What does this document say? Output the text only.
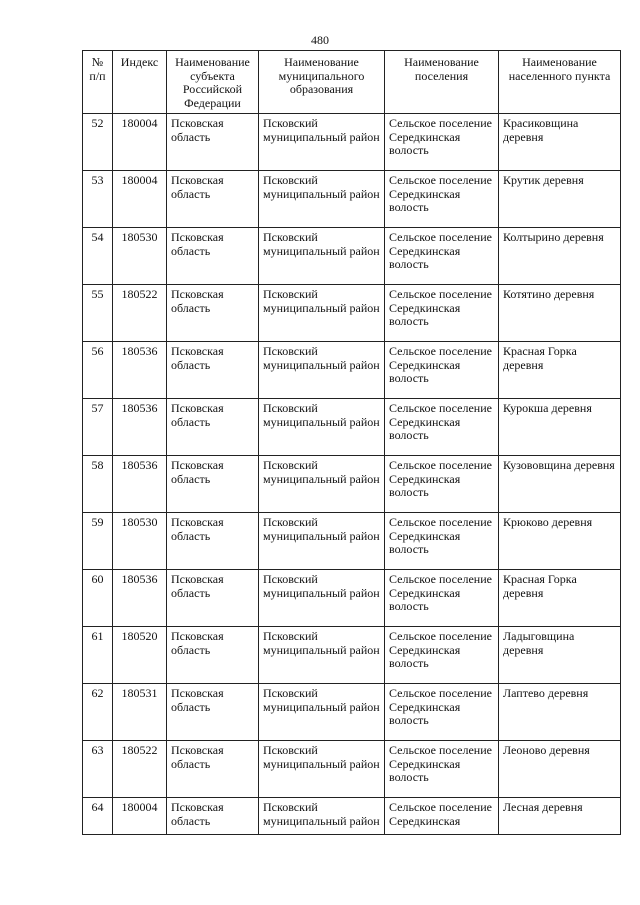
480
№ п/п	Индекс	Наименование субъекта Российской Федерации	Наименование муниципального образования	Наименование поселения	Наименование населенного пункта
52	180004	Псковская область	Псковский муниципальный район	Сельское поселение Середкинская волость	Красиковщина деревня
53	180004	Псковская область	Псковский муниципальный район	Сельское поселение Середкинская волость	Крутик деревня
54	180530	Псковская область	Псковский муниципальный район	Сельское поселение Середкинская волость	Колтырино деревня
55	180522	Псковская область	Псковский муниципальный район	Сельское поселение Середкинская волость	Котятино деревня
56	180536	Псковская область	Псковский муниципальный район	Сельское поселение Середкинская волость	Красная Горка деревня
57	180536	Псковская область	Псковский муниципальный район	Сельское поселение Середкинская волость	Курокша деревня
58	180536	Псковская область	Псковский муниципальный район	Сельское поселение Середкинская волость	Кузововщина деревня
59	180530	Псковская область	Псковский муниципальный район	Сельское поселение Середкинская волость	Крюково деревня
60	180536	Псковская область	Псковский муниципальный район	Сельское поселение Середкинская волость	Красная Горка деревня
61	180520	Псковская область	Псковский муниципальный район	Сельское поселение Середкинская волость	Ладыговщина деревня
62	180531	Псковская область	Псковский муниципальный район	Сельское поселение Середкинская волость	Лаптево деревня
63	180522	Псковская область	Псковский муниципальный район	Сельское поселение Середкинская волость	Леоново деревня
64	180004	Псковская область	Псковский муниципальный район	Сельское поселение Середкинская	Лесная деревня
